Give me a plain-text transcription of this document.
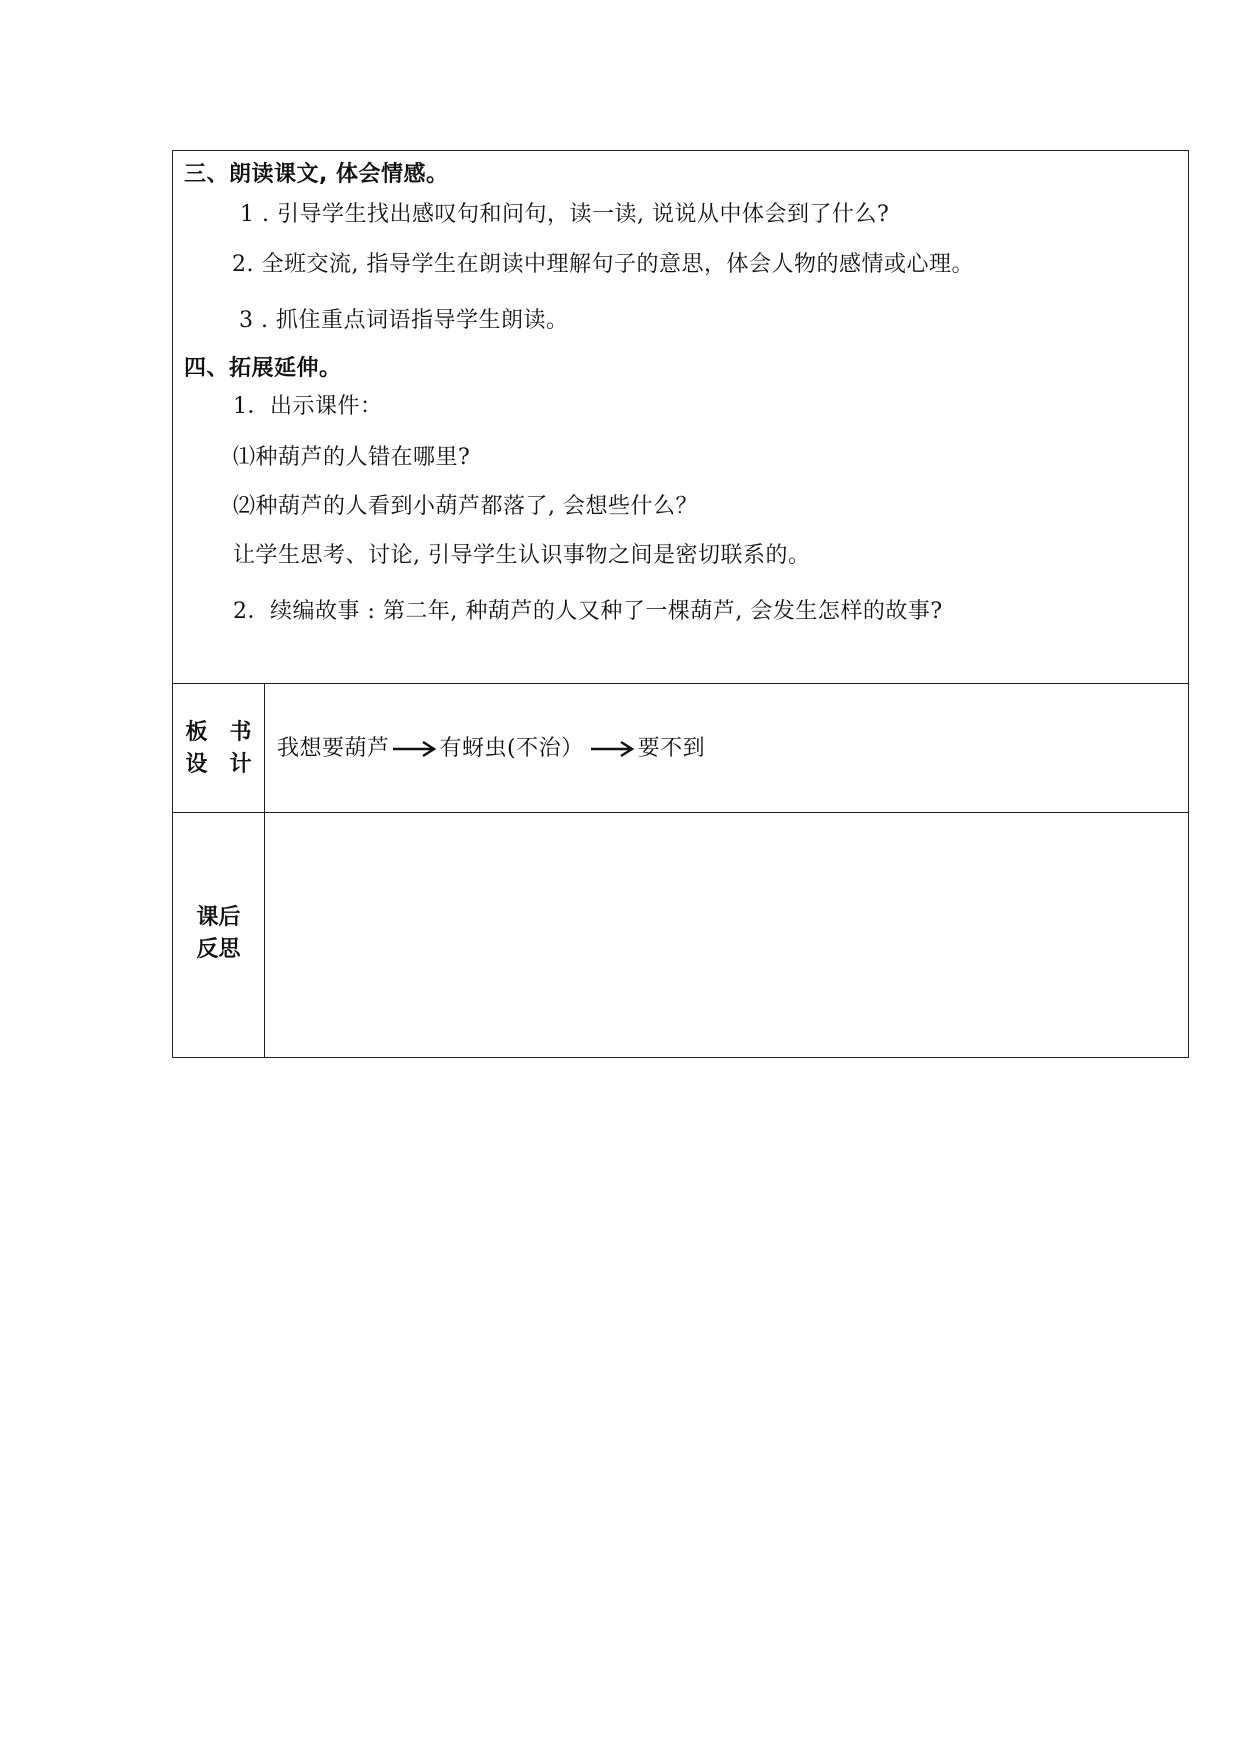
三、朗读课文, 体会情感。
1 . 引导学生找出感叹句和问句，读一读, 说说从中体会到了什么?
2. 全班交流, 指导学生在朗读中理解句子的意思，体会人物的感情或心理。
3 . 抓住重点词语指导学生朗读。
四、拓展延伸。
1．出示课件：
⑴种葫芦的人错在哪里?
⑵种葫芦的人看到小葫芦都落了, 会想些什么？
让学生思考、讨论, 引导学生认识事物之间是密切联系的。
2．续编故事 : 第二年, 种葫芦的人又种了一棵葫芦, 会发生怎样的故事?
板　书
设　计
我想要葫芦 有蚜虫(不治） 要不到
课后
反思
